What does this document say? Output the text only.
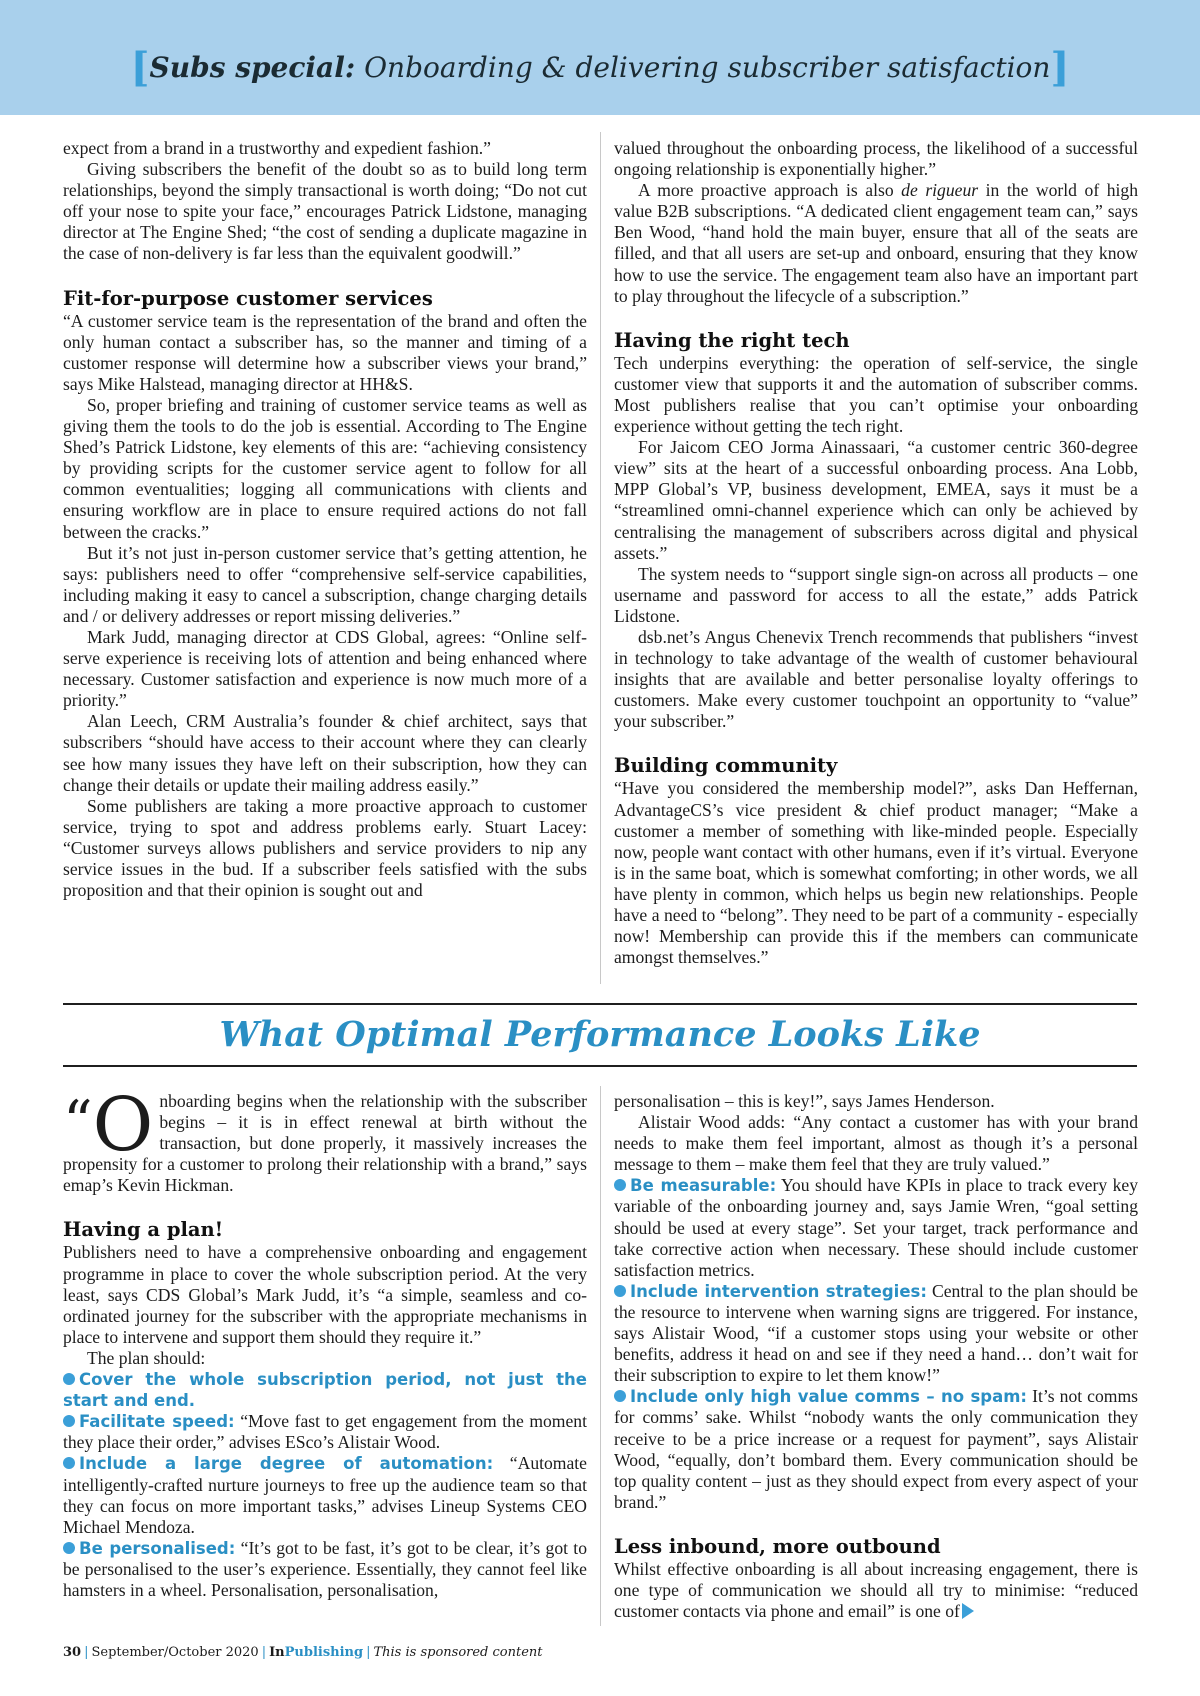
[Subs special: Onboarding & delivering subscriber satisfaction]

expect from a brand in a trustworthy and expedient fashion.”

Giving subscribers the benefit of the doubt so as to build long term relationships, beyond the simply transactional is worth doing; “Do not cut off your nose to spite your face,” encourages Patrick Lidstone, managing director at The Engine Shed; “the cost of sending a duplicate magazine in the case of non-delivery is far less than the equivalent goodwill.”

Fit-for-purpose customer services

“A customer service team is the representation of the brand and often the only human contact a subscriber has, so the manner and timing of a customer response will determine how a subscriber views your brand,” says Mike Halstead, managing director at HH&S.

So, proper briefing and training of customer service teams as well as giving them the tools to do the job is essential. According to The Engine Shed’s Patrick Lidstone, key elements of this are: “achieving consistency by providing scripts for the customer service agent to follow for all common eventualities; logging all communications with clients and ensuring workflow are in place to ensure required actions do not fall between the cracks.”

But it’s not just in-person customer service that’s getting attention, he says: publishers need to offer “comprehensive self-service capabilities, including making it easy to cancel a subscription, change charging details and / or delivery addresses or report missing deliveries.”

Mark Judd, managing director at CDS Global, agrees: “Online self-serve experience is receiving lots of attention and being enhanced where necessary. Customer satisfaction and experience is now much more of a priority.”

Alan Leech, CRM Australia’s founder & chief architect, says that subscribers “should have access to their account where they can clearly see how many issues they have left on their subscription, how they can change their details or update their mailing address easily.”

Some publishers are taking a more proactive approach to customer service, trying to spot and address problems early. Stuart Lacey: “Customer surveys allows publishers and service providers to nip any service issues in the bud. If a subscriber feels satisfied with the subs proposition and that their opinion is sought out and

valued throughout the onboarding process, the likelihood of a successful ongoing relationship is exponentially higher.”

A more proactive approach is also de rigueur in the world of high value B2B subscriptions. “A dedicated client engagement team can,” says Ben Wood, “hand hold the main buyer, ensure that all of the seats are filled, and that all users are set-up and onboard, ensuring that they know how to use the service. The engagement team also have an important part to play throughout the lifecycle of a subscription.”

Having the right tech

Tech underpins everything: the operation of self-service, the single customer view that supports it and the automation of subscriber comms. Most publishers realise that you can’t optimise your onboarding experience without getting the tech right.

For Jaicom CEO Jorma Ainassaari, “a customer centric 360-degree view” sits at the heart of a successful onboarding process. Ana Lobb, MPP Global’s VP, business development, EMEA, says it must be a “streamlined omni-channel experience which can only be achieved by centralising the management of subscribers across digital and physical assets.”

The system needs to “support single sign-on across all products – one username and password for access to all the estate,” adds Patrick Lidstone.

dsb.net’s Angus Chenevix Trench recommends that publishers “invest in technology to take advantage of the wealth of customer behavioural insights that are available and better personalise loyalty offerings to customers. Make every customer touchpoint an opportunity to “value” your subscriber.”

Building community

“Have you considered the membership model?”, asks Dan Heffernan, AdvantageCS’s vice president & chief product manager; “Make a customer a member of something with like-minded people. Especially now, people want contact with other humans, even if it’s virtual. Everyone is in the same boat, which is somewhat comforting; in other words, we all have plenty in common, which helps us begin new relationships. People have a need to “belong”. They need to be part of a community - especially now! Membership can provide this if the members can communicate amongst themselves.”

What Optimal Performance Looks Like

“O nboarding begins when the relationship with the subscriber begins – it is in effect renewal at birth without the transaction, but done properly, it massively increases the propensity for a customer to prolong their relationship with a brand,” says emap’s Kevin Hickman.

Having a plan!

Publishers need to have a comprehensive onboarding and engagement programme in place to cover the whole subscription period. At the very least, says CDS Global’s Mark Judd, it’s “a simple, seamless and co-ordinated journey for the subscriber with the appropriate mechanisms in place to intervene and support them should they require it.”

The plan should:

Cover the whole subscription period, not just the start and end.

Facilitate speed: “Move fast to get engagement from the moment they place their order,” advises ESco’s Alistair Wood.

Include a large degree of automation: “Automate intelligently-crafted nurture journeys to free up the audience team so that they can focus on more important tasks,” advises Lineup Systems CEO Michael Mendoza.

Be personalised: “It’s got to be fast, it’s got to be clear, it’s got to be personalised to the user’s experience. Essentially, they cannot feel like hamsters in a wheel. Personalisation, personalisation,

personalisation – this is key!”, says James Henderson.

Alistair Wood adds: “Any contact a customer has with your brand needs to make them feel important, almost as though it’s a personal message to them – make them feel that they are truly valued.”

Be measurable: You should have KPIs in place to track every key variable of the onboarding journey and, says Jamie Wren, “goal setting should be used at every stage”. Set your target, track performance and take corrective action when necessary. These should include customer satisfaction metrics.

Include intervention strategies: Central to the plan should be the resource to intervene when warning signs are triggered. For instance, says Alistair Wood, “if a customer stops using your website or other benefits, address it head on and see if they need a hand… don’t wait for their subscription to expire to let them know!”

Include only high value comms – no spam: It’s not comms for comms’ sake. Whilst “nobody wants the only communication they receive to be a price increase or a request for payment”, says Alistair Wood, “equally, don’t bombard them. Every communication should be top quality content – just as they should expect from every aspect of your brand.”

Less inbound, more outbound

Whilst effective onboarding is all about increasing engagement, there is one type of communication we should all try to minimise: “reduced customer contacts via phone and email” is one of

30 | September/October 2020 | InPublishing | This is sponsored content
